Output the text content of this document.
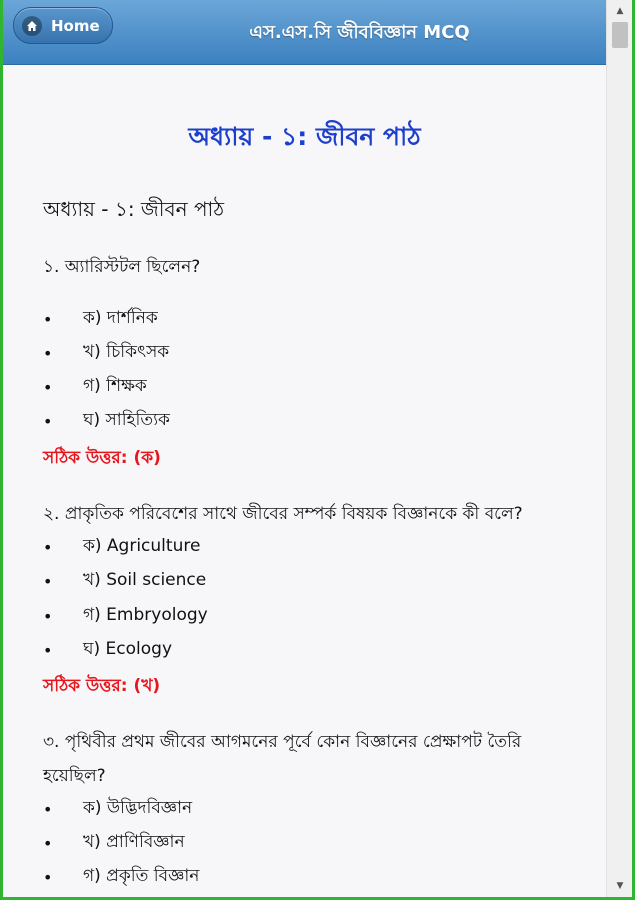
Home	এস.এস.সি জীববিজ্ঞান MCQ
অধ্যায় - ১: জীবন পাঠ
অধ্যায় - ১: জীবন পাঠ
১. অ্যারিস্টটল ছিলেন?
•	ক) দার্শনিক
•	খ) চিকিৎসক
•	গ) শিক্ষক
•	ঘ) সাহিত্যিক
সঠিক উত্তর: (ক)
২. প্রাকৃতিক পরিবেশের সাথে জীবের সম্পর্ক বিষয়ক বিজ্ঞানকে কী বলে?
•	ক) Agriculture
•	খ) Soil science
•	গ) Embryology
•	ঘ) Ecology
সঠিক উত্তর: (খ)
৩. পৃথিবীর প্রথম জীবের আগমনের পূর্বে কোন বিজ্ঞানের প্রেক্ষাপট তৈরি হয়েছিল?
•	ক) উদ্ভিদবিজ্ঞান
•	খ) প্রাণিবিজ্ঞান
•	গ) প্রকৃতি বিজ্ঞান
▲
▼
